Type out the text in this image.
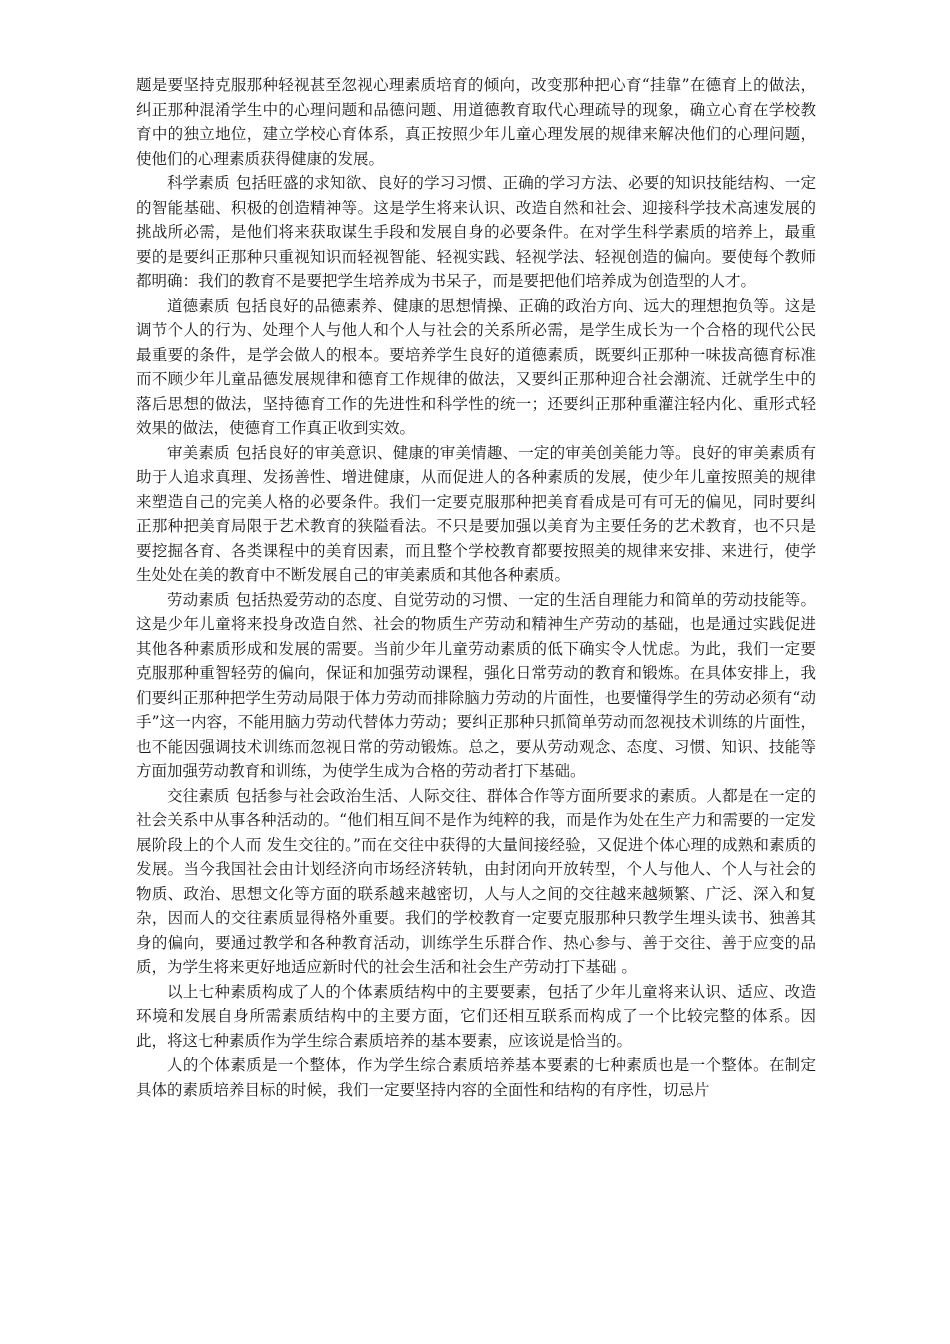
题是要坚持克服那种轻视甚至忽视心理素质培育的倾向，改变那种把心育“挂靠”在德育上的做法，纠正那种混淆学生中的心理问题和品德问题、用道德教育取代心理疏导的现象，确立心育在学校教育中的独立地位，建立学校心育体系，真正按照少年儿童心理发展的规律来解决他们的心理问题，使他们的心理素质获得健康的发展。

科学素质 包括旺盛的求知欲、良好的学习习惯、正确的学习方法、必要的知识技能结构、一定的智能基础、积极的创造精神等。这是学生将来认识、改造自然和社会、迎接科学技术高速发展的挑战所必需，是他们将来获取谋生手段和发展自身的必要条件。在对学生科学素质的培养上，最重要的是要纠正那种只重视知识而轻视智能、轻视实践、轻视学法、轻视创造的偏向。要使每个教师都明确：我们的教育不是要把学生培养成为书呆子，而是要把他们培养成为创造型的人才。

道德素质 包括良好的品德素养、健康的思想情操、正确的政治方向、远大的理想抱负等。这是调节个人的行为、处理个人与他人和个人与社会的关系所必需，是学生成长为一个合格的现代公民最重要的条件，是学会做人的根本。要培养学生良好的道德素质，既要纠正那种一味拔高德育标准而不顾少年儿童品德发展规律和德育工作规律的做法，又要纠正那种迎合社会潮流、迁就学生中的落后思想的做法，坚持德育工作的先进性和科学性的统一；还要纠正那种重灌注轻内化、重形式轻效果的做法，使德育工作真正收到实效。

审美素质 包括良好的审美意识、健康的审美情趣、一定的审美创美能力等。良好的审美素质有助于人追求真理、发扬善性、增进健康，从而促进人的各种素质的发展，使少年儿童按照美的规律来塑造自己的完美人格的必要条件。我们一定要克服那种把美育看成是可有可无的偏见，同时要纠正那种把美育局限于艺术教育的狭隘看法。不只是要加强以美育为主要任务的艺术教育，也不只是要挖掘各育、各类课程中的美育因素，而且整个学校教育都要按照美的规律来安排、来进行，使学生处处在美的教育中不断发展自己的审美素质和其他各种素质。

劳动素质 包括热爱劳动的态度、自觉劳动的习惯、一定的生活自理能力和简单的劳动技能等。这是少年儿童将来投身改造自然、社会的物质生产劳动和精神生产劳动的基础，也是通过实践促进其他各种素质形成和发展的需要。当前少年儿童劳动素质的低下确实令人忧虑。为此，我们一定要克服那种重智轻劳的偏向，保证和加强劳动课程，强化日常劳动的教育和锻炼。在具体安排上，我们要纠正那种把学生劳动局限于体力劳动而排除脑力劳动的片面性，也要懂得学生的劳动必须有“动手”这一内容，不能用脑力劳动代替体力劳动；要纠正那种只抓简单劳动而忽视技术训练的片面性，也不能因强调技术训练而忽视日常的劳动锻炼。总之，要从劳动观念、态度、习惯、知识、技能等方面加强劳动教育和训练，为使学生成为合格的劳动者打下基础。

交往素质 包括参与社会政治生活、人际交往、群体合作等方面所要求的素质。人都是在一定的社会关系中从事各种活动的。“他们相互间不是作为纯粹的我，而是作为处在生产力和需要的一定发展阶段上的个人而 发生交往的。”而在交往中获得的大量间接经验，又促进个体心理的成熟和素质的发展。当今我国社会由计划经济向市场经济转轨，由封闭向开放转型，个人与他人、个人与社会的物质、政治、思想文化等方面的联系越来越密切，人与人之间的交往越来越频繁、广泛、深入和复杂，因而人的交往素质显得格外重要。我们的学校教育一定要克服那种只教学生埋头读书、独善其身的偏向，要通过教学和各种教育活动，训练学生乐群合作、热心参与、善于交往、善于应变的品质，为学生将来更好地适应新时代的社会生活和社会生产劳动打下基础 。

以上七种素质构成了人的个体素质结构中的主要要素，包括了少年儿童将来认识、适应、改造环境和发展自身所需素质结构中的主要方面，它们还相互联系而构成了一个比较完整的体系。因此，将这七种素质作为学生综合素质培养的基本要素，应该说是恰当的。

人的个体素质是一个整体，作为学生综合素质培养基本要素的七种素质也是一个整体。在制定具体的素质培养目标的时候，我们一定要坚持内容的全面性和结构的有序性，切忌片
